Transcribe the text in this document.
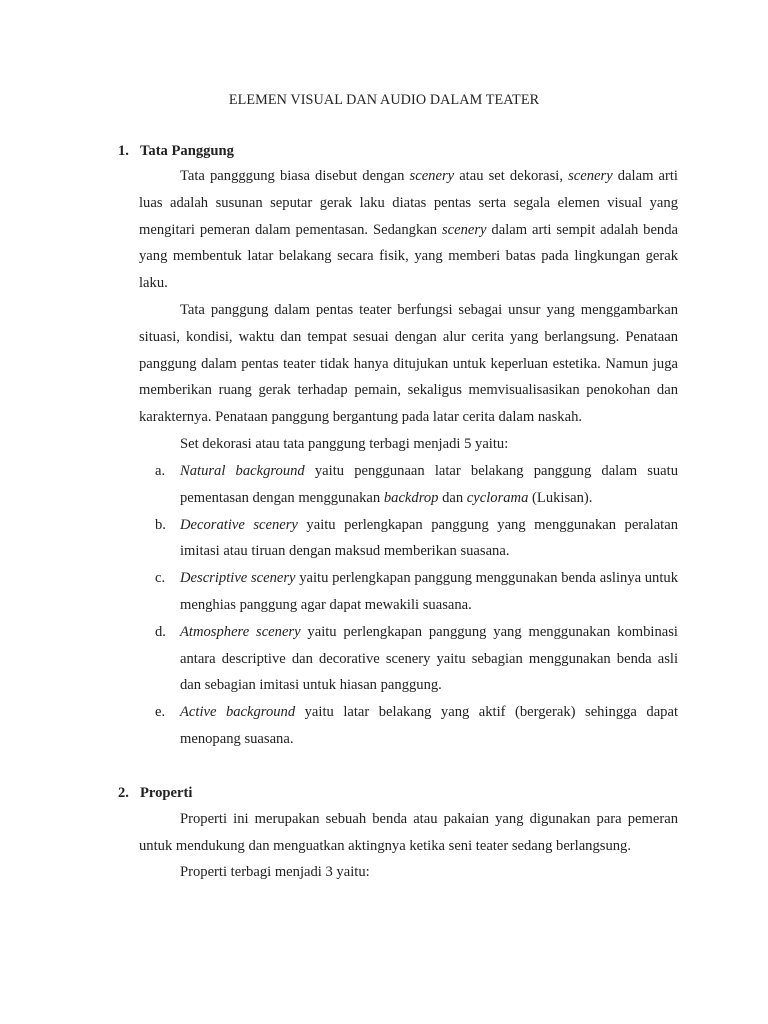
ELEMEN VISUAL DAN AUDIO DALAM TEATER
1. Tata Panggung

Tata pangggung biasa disebut dengan scenery atau set dekorasi, scenery dalam arti luas adalah susunan seputar gerak laku diatas pentas serta segala elemen visual yang mengitari pemeran dalam pementasan. Sedangkan scenery dalam arti sempit adalah benda yang membentuk latar belakang secara fisik, yang memberi batas pada lingkungan gerak laku.

Tata panggung dalam pentas teater berfungsi sebagai unsur yang menggambarkan situasi, kondisi, waktu dan tempat sesuai dengan alur cerita yang berlangsung. Penataan panggung dalam pentas teater tidak hanya ditujukan untuk keperluan estetika. Namun juga memberikan ruang gerak terhadap pemain, sekaligus memvisualisasikan penokohan dan karakternya. Penataan panggung bergantung pada latar cerita dalam naskah.

Set dekorasi atau tata panggung terbagi menjadi 5 yaitu:

a. Natural background yaitu penggunaan latar belakang panggung dalam suatu pementasan dengan menggunakan backdrop dan cyclorama (Lukisan).
b. Decorative scenery yaitu perlengkapan panggung yang menggunakan peralatan imitasi atau tiruan dengan maksud memberikan suasana.
c. Descriptive scenery yaitu perlengkapan panggung menggunakan benda aslinya untuk menghias panggung agar dapat mewakili suasana.
d. Atmosphere scenery yaitu perlengkapan panggung yang menggunakan kombinasi antara descriptive dan decorative scenery yaitu sebagian menggunakan benda asli dan sebagian imitasi untuk hiasan panggung.
e. Active background yaitu latar belakang yang aktif (bergerak) sehingga dapat menopang suasana.
2. Properti

Properti ini merupakan sebuah benda atau pakaian yang digunakan para pemeran untuk mendukung dan menguatkan aktingnya ketika seni teater sedang berlangsung.

Properti terbagi menjadi 3 yaitu:
